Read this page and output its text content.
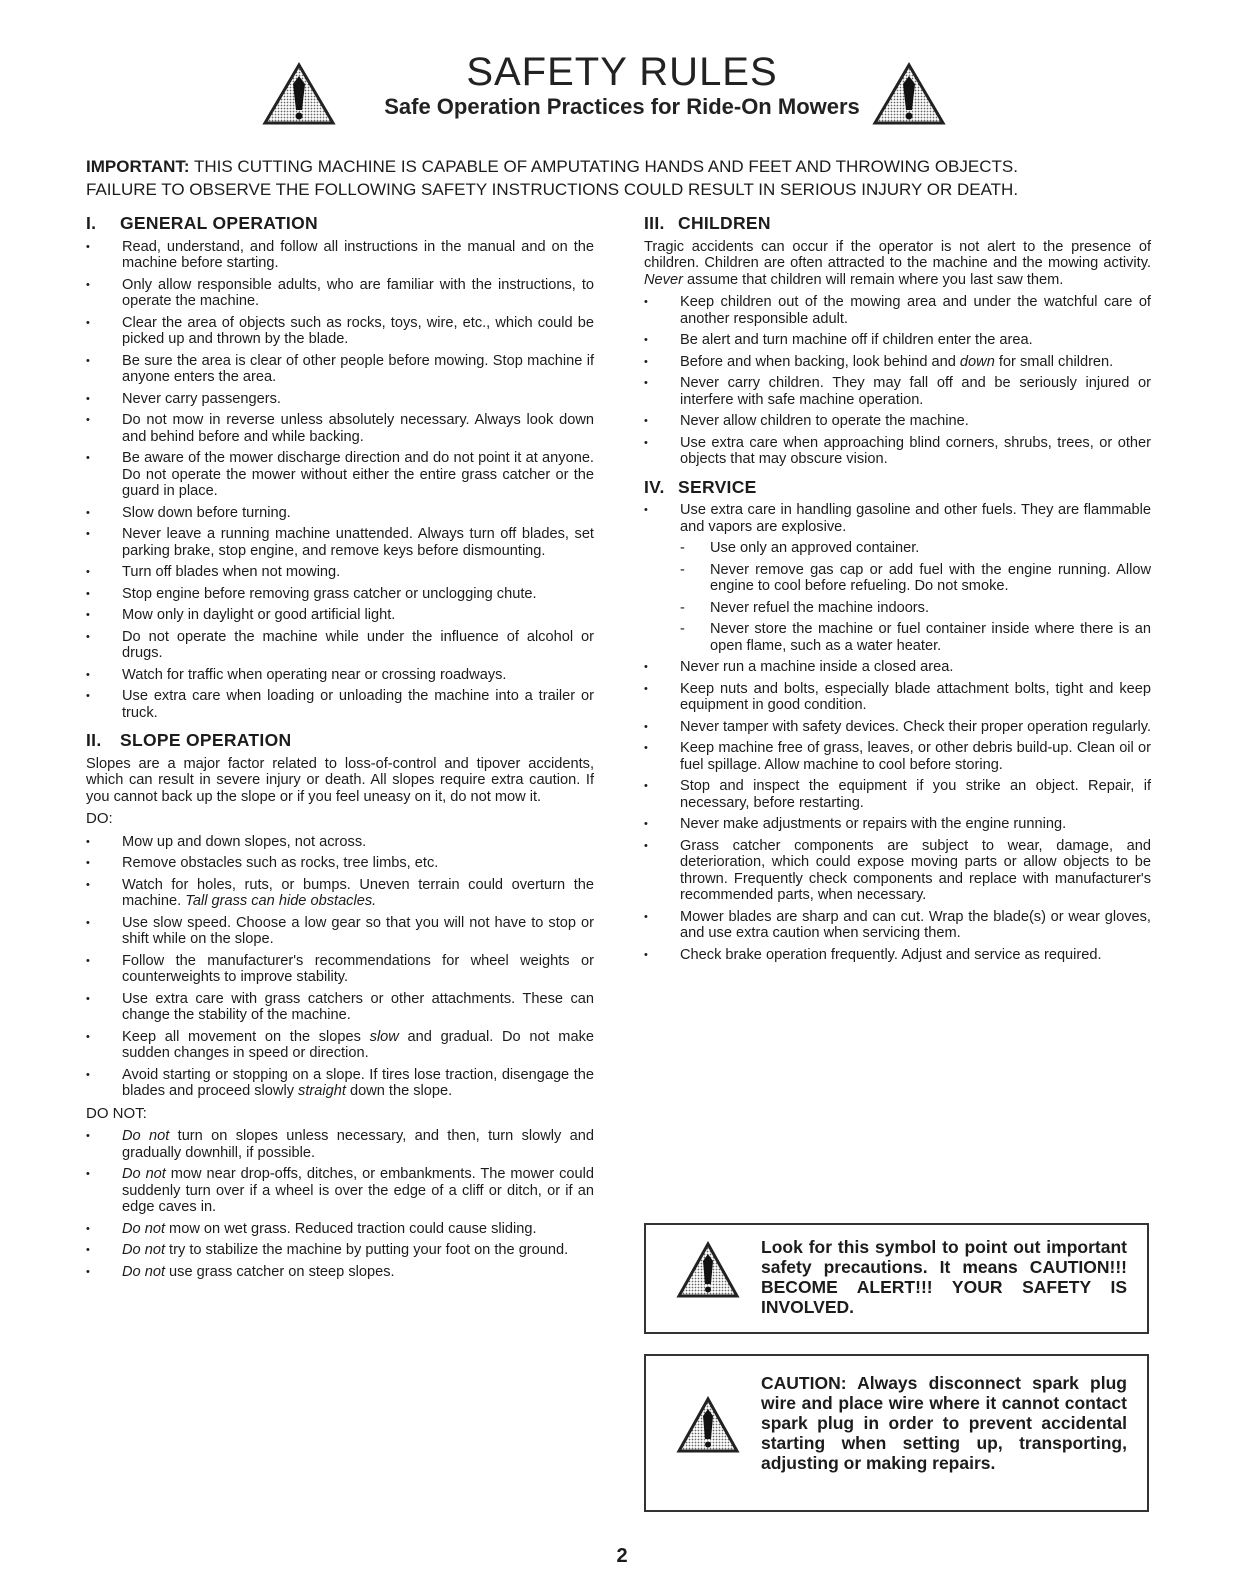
SAFETY RULES
Safe Operation Practices for Ride-On Mowers
IMPORTANT: THIS CUTTING MACHINE IS CAPABLE OF AMPUTATING HANDS AND FEET AND THROWING OBJECTS.
FAILURE TO OBSERVE THE FOLLOWING SAFETY INSTRUCTIONS COULD RESULT IN SERIOUS INJURY OR DEATH.
I. GENERAL OPERATION
• Read, understand, and follow all instructions in the manual and on the machine before starting.
• Only allow responsible adults, who are familiar with the instructions, to operate the machine.
• Clear the area of objects such as rocks, toys, wire, etc., which could be picked up and thrown by the blade.
• Be sure the area is clear of other people before mowing. Stop machine if anyone enters the area.
• Never carry passengers.
• Do not mow in reverse unless absolutely necessary. Always look down and behind before and while backing.
• Be aware of the mower discharge direction and do not point it at anyone. Do not operate the mower without either the entire grass catcher or the guard in place.
• Slow down before turning.
• Never leave a running machine unattended. Always turn off blades, set parking brake, stop engine, and remove keys before dismounting.
• Turn off blades when not mowing.
• Stop engine before removing grass catcher or unclogging chute.
• Mow only in daylight or good artificial light.
• Do not operate the machine while under the influence of alcohol or drugs.
• Watch for traffic when operating near or crossing roadways.
• Use extra care when loading or unloading the machine into a trailer or truck.
II. SLOPE OPERATION
Slopes are a major factor related to loss-of-control and tipover accidents, which can result in severe injury or death. All slopes require extra caution. If you cannot back up the slope or if you feel uneasy on it, do not mow it.
DO:
• Mow up and down slopes, not across.
• Remove obstacles such as rocks, tree limbs, etc.
• Watch for holes, ruts, or bumps. Uneven terrain could overturn the machine. Tall grass can hide obstacles.
• Use slow speed. Choose a low gear so that you will not have to stop or shift while on the slope.
• Follow the manufacturer's recommendations for wheel weights or counterweights to improve stability.
• Use extra care with grass catchers or other attachments. These can change the stability of the machine.
• Keep all movement on the slopes slow and gradual. Do not make sudden changes in speed or direction.
• Avoid starting or stopping on a slope. If tires lose traction, disengage the blades and proceed slowly straight down the slope.
DO NOT:
• Do not turn on slopes unless necessary, and then, turn slowly and gradually downhill, if possible.
• Do not mow near drop-offs, ditches, or embankments. The mower could suddenly turn over if a wheel is over the edge of a cliff or ditch, or if an edge caves in.
• Do not mow on wet grass. Reduced traction could cause sliding.
• Do not try to stabilize the machine by putting your foot on the ground.
• Do not use grass catcher on steep slopes.
III. CHILDREN
Tragic accidents can occur if the operator is not alert to the presence of children. Children are often attracted to the machine and the mowing activity. Never assume that children will remain where you last saw them.
• Keep children out of the mowing area and under the watchful care of another responsible adult.
• Be alert and turn machine off if children enter the area.
• Before and when backing, look behind and down for small children.
• Never carry children. They may fall off and be seriously injured or interfere with safe machine operation.
• Never allow children to operate the machine.
• Use extra care when approaching blind corners, shrubs, trees, or other objects that may obscure vision.
IV. SERVICE
• Use extra care in handling gasoline and other fuels. They are flammable and vapors are explosive.
- Use only an approved container.
- Never remove gas cap or add fuel with the engine running. Allow engine to cool before refueling. Do not smoke.
- Never refuel the machine indoors.
- Never store the machine or fuel container inside where there is an open flame, such as a water heater.
• Never run a machine inside a closed area.
• Keep nuts and bolts, especially blade attachment bolts, tight and keep equipment in good condition.
• Never tamper with safety devices. Check their proper operation regularly.
• Keep machine free of grass, leaves, or other debris build-up. Clean oil or fuel spillage. Allow machine to cool before storing.
• Stop and inspect the equipment if you strike an object. Repair, if necessary, before restarting.
• Never make adjustments or repairs with the engine running.
• Grass catcher components are subject to wear, damage, and deterioration, which could expose moving parts or allow objects to be thrown. Frequently check components and replace with manufacturer's recommended parts, when necessary.
• Mower blades are sharp and can cut. Wrap the blade(s) or wear gloves, and use extra caution when servicing them.
• Check brake operation frequently. Adjust and service as required.
Look for this symbol to point out important safety precautions. It means CAUTION!!! BECOME ALERT!!! YOUR SAFETY IS INVOLVED.
CAUTION: Always disconnect spark plug wire and place wire where it cannot contact spark plug in order to prevent accidental starting when setting up, transporting, adjusting or making repairs.
2
